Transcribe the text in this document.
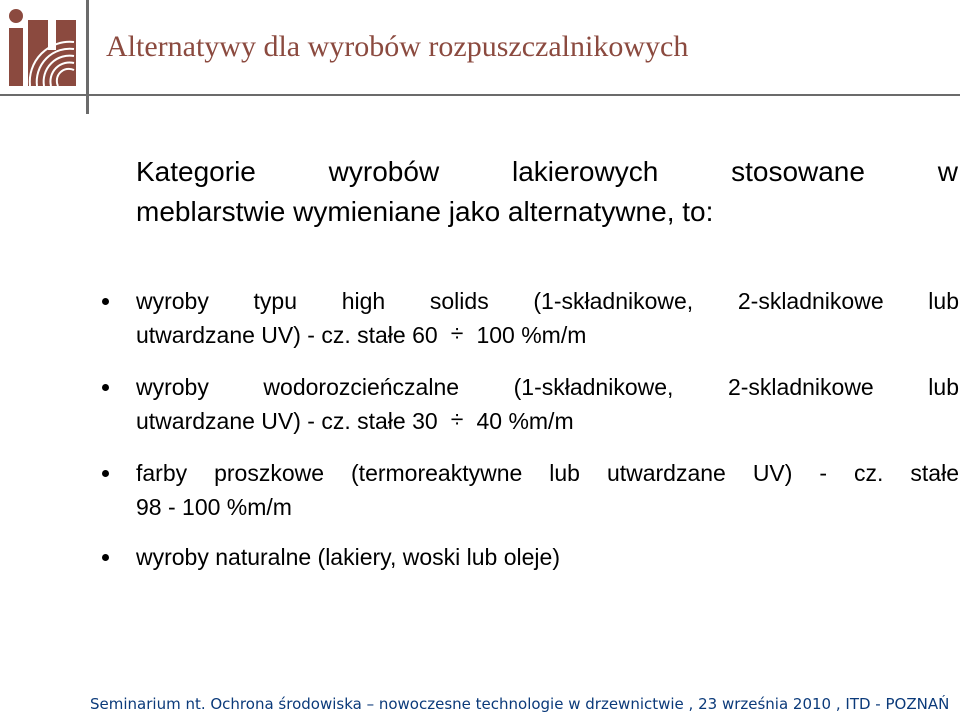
Alternatywy dla wyrobów rozpuszczalnikowych
Kategorie wyrobów lakierowych stosowane w
meblarstwie wymieniane jako alternatywne, to:
wyroby typu high solids (1-składnikowe, 2-skladnikowe lub
utwardzane UV) - cz. stałe 60 ÷ 100 %m/m
wyroby wodorozcieńczalne (1-składnikowe, 2-skladnikowe lub
utwardzane UV) - cz. stałe 30 ÷ 40 %m/m
farby proszkowe (termoreaktywne lub utwardzane UV) - cz. stałe
98 - 100 %m/m
wyroby naturalne (lakiery, woski lub oleje)
Seminarium nt. Ochrona środowiska – nowoczesne technologie w drzewnictwie , 23 września 2010 , ITD - POZNAŃ
